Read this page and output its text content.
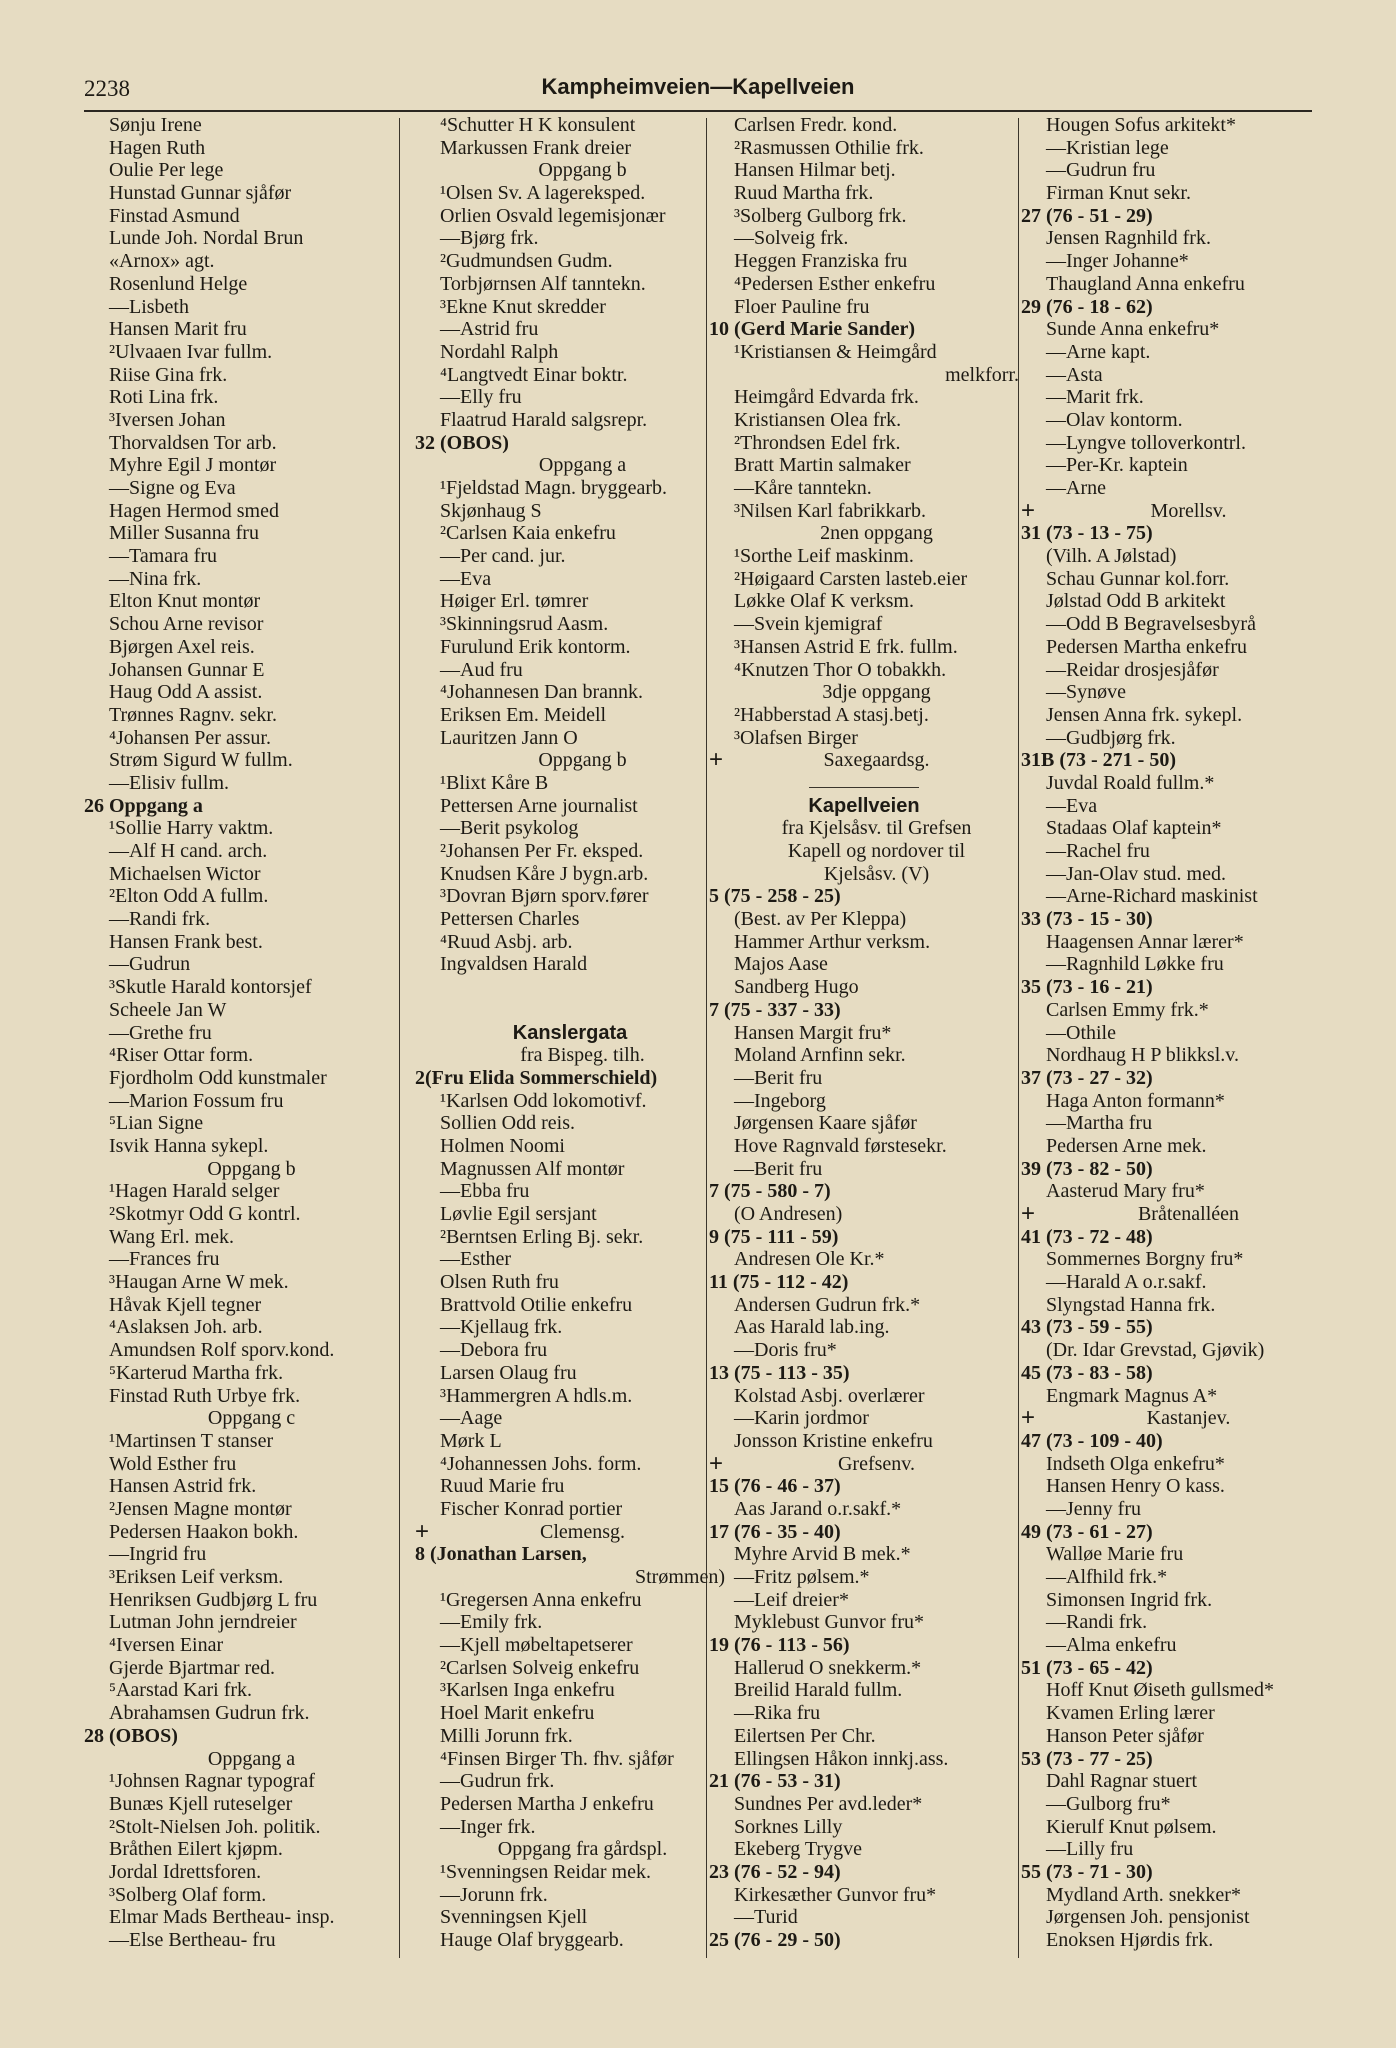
2238	Kampheimveien—Kapellveien
Sønju Irene
Hagen Ruth
Oulie Per lege
Hunstad Gunnar sjåfør
Finstad Asmund
Lunde Joh. Nordal Brun
«Arnox» agt.
Rosenlund Helge
—Lisbeth
Hansen Marit fru
²Ulvaaen Ivar fullm.
Riise Gina frk.
Roti Lina frk.
³Iversen Johan
Thorvaldsen Tor arb.
Myhre Egil J montør
—Signe og Eva
Hagen Hermod smed
Miller Susanna fru
—Tamara fru
—Nina frk.
Elton Knut montør
Schou Arne revisor
Bjørgen Axel reis.
Johansen Gunnar E
Haug Odd A assist.
Trønnes Ragnv. sekr.
⁴Johansen Per assur.
Strøm Sigurd W fullm.
—Elisiv fullm.
26 Oppgang a
¹Sollie Harry vaktm.
—Alf H cand. arch.
Michaelsen Wictor
²Elton Odd A fullm.
—Randi frk.
Hansen Frank best.
—Gudrun
³Skutle Harald kontorsjef
Scheele Jan W
—Grethe fru
⁴Riser Ottar form.
Fjordholm Odd kunstmaler
—Marion Fossum fru
⁵Lian Signe
Isvik Hanna sykepl.
Oppgang b
¹Hagen Harald selger
²Skotmyr Odd G kontrl.
Wang Erl. mek.
—Frances fru
³Haugan Arne W mek.
Håvak Kjell tegner
⁴Aslaksen Joh. arb.
Amundsen Rolf sporv.kond.
⁵Karterud Martha frk.
Finstad Ruth Urbye frk.
Oppgang c
¹Martinsen T stanser
Wold Esther fru
Hansen Astrid frk.
²Jensen Magne montør
Pedersen Haakon bokh.
—Ingrid fru
³Eriksen Leif verksm.
Henriksen Gudbjørg L fru
Lutman John jerndreier
⁴Iversen Einar
Gjerde Bjartmar red.
⁵Aarstad Kari frk.
Abrahamsen Gudrun frk.
28 (OBOS)
Oppgang a
¹Johnsen Ragnar typograf
Bunæs Kjell ruteselger
²Stolt-Nielsen Joh. politik.
Bråthen Eilert kjøpm.
Jordal Idrettsforen.
³Solberg Olaf form.
Elmar Mads Bertheau- insp.
—Else Bertheau- fru
⁴Schutter H K konsulent
Markussen Frank dreier
Oppgang b
¹Olsen Sv. A lagereksped.
Orlien Osvald legemisjonær
—Bjørg frk.
²Gudmundsen Gudm.
Torbjørnsen Alf tanntekn.
³Ekne Knut skredder
—Astrid fru
Nordahl Ralph
⁴Langtvedt Einar boktr.
—Elly fru
Flaatrud Harald salgsrepr.
32 (OBOS)
Oppgang a
¹Fjeldstad Magn. bryggearb.
Skjønhaug S
²Carlsen Kaia enkefru
—Per cand. jur.
—Eva
Høiger Erl. tømrer
³Skinningsrud Aasm.
Furulund Erik kontorm.
—Aud fru
⁴Johannesen Dan brannk.
Eriksen Em. Meidell
Lauritzen Jann O
Oppgang b
¹Blixt Kåre B
Pettersen Arne journalist
—Berit psykolog
²Johansen Per Fr. eksped.
Knudsen Kåre J bygn.arb.
³Dovran Bjørn sporv.fører
Pettersen Charles
⁴Ruud Asbj. arb.
Ingvaldsen Harald
Kanslergata
fra Bispeg. tilh.
2(Fru Elida Sommerschield)
¹Karlsen Odd lokomotivf.
Sollien Odd reis.
Holmen Noomi
Magnussen Alf montør
—Ebba fru
Løvlie Egil sersjant
²Berntsen Erling Bj. sekr.
—Esther
Olsen Ruth fru
Brattvold Otilie enkefru
—Kjellaug frk.
—Debora fru
Larsen Olaug fru
³Hammergren A hdls.m.
—Aage
Mørk L
⁴Johannessen Johs. form.
Ruud Marie fru
Fischer Konrad portier
+	Clemensg.
8 (Jonathan Larsen,
Strømmen)
¹Gregersen Anna enkefru
—Emily frk.
—Kjell møbeltapetserer
²Carlsen Solveig enkefru
³Karlsen Inga enkefru
Hoel Marit enkefru
Milli Jorunn frk.
⁴Finsen Birger Th. fhv. sjåfør
—Gudrun frk.
Pedersen Martha J enkefru
—Inger frk.
Oppgang fra gårdspl.
¹Svenningsen Reidar mek.
—Jorunn frk.
Svenningsen Kjell
Hauge Olaf bryggearb.
Carlsen Fredr. kond.
²Rasmussen Othilie frk.
Hansen Hilmar betj.
Ruud Martha frk.
³Solberg Gulborg frk.
—Solveig frk.
Heggen Franziska fru
⁴Pedersen Esther enkefru
Floer Pauline fru
10 (Gerd Marie Sander)
¹Kristiansen & Heimgård
melkforr.
Heimgård Edvarda frk.
Kristiansen Olea frk.
²Throndsen Edel frk.
Bratt Martin salmaker
—Kåre tanntekn.
³Nilsen Karl fabrikkarb.
2nen oppgang
¹Sorthe Leif maskinm.
²Høigaard Carsten lasteb.eier
Løkke Olaf K verksm.
—Svein kjemigraf
³Hansen Astrid E frk. fullm.
⁴Knutzen Thor O tobakkh.
3dje oppgang
²Habberstad A stasj.betj.
³Olafsen Birger
+	Saxegaardsg.
Kapellveien
fra Kjelsåsv. til Grefsen
Kapell og nordover til
Kjelsåsv. (V)
5 (75 - 258 - 25)
(Best. av Per Kleppa)
Hammer Arthur verksm.
Majos Aase
Sandberg Hugo
7 (75 - 337 - 33)
Hansen Margit fru*
Moland Arnfinn sekr.
—Berit fru
—Ingeborg
Jørgensen Kaare sjåfør
Hove Ragnvald førstesekr.
—Berit fru
7 (75 - 580 - 7)
(O Andresen)
9 (75 - 111 - 59)
Andresen Ole Kr.*
11 (75 - 112 - 42)
Andersen Gudrun frk.*
Aas Harald lab.ing.
—Doris fru*
13 (75 - 113 - 35)
Kolstad Asbj. overlærer
—Karin jordmor
Jonsson Kristine enkefru
+	Grefsenv.
15 (76 - 46 - 37)
Aas Jarand o.r.sakf.*
17 (76 - 35 - 40)
Myhre Arvid B mek.*
—Fritz pølsem.*
—Leif dreier*
Myklebust Gunvor fru*
19 (76 - 113 - 56)
Hallerud O snekkerm.*
Breilid Harald fullm.
—Rika fru
Eilertsen Per Chr.
Ellingsen Håkon innkj.ass.
21 (76 - 53 - 31)
Sundnes Per avd.leder*
Sorknes Lilly
Ekeberg Trygve
23 (76 - 52 - 94)
Kirkesæther Gunvor fru*
—Turid
25 (76 - 29 - 50)
Hougen Sofus arkitekt*
—Kristian lege
—Gudrun fru
Firman Knut sekr.
27 (76 - 51 - 29)
Jensen Ragnhild frk.
—Inger Johanne*
Thaugland Anna enkefru
29 (76 - 18 - 62)
Sunde Anna enkefru*
—Arne kapt.
—Asta
—Marit frk.
—Olav kontorm.
—Lyngve tolloverkontrl.
—Per-Kr. kaptein
—Arne
+	Morellsv.
31 (73 - 13 - 75)
(Vilh. A Jølstad)
Schau Gunnar kol.forr.
Jølstad Odd B arkitekt
—Odd B Begravelsesbyrå
Pedersen Martha enkefru
—Reidar drosjesjåfør
—Synøve
Jensen Anna frk. sykepl.
—Gudbjørg frk.
31B (73 - 271 - 50)
Juvdal Roald fullm.*
—Eva
Stadaas Olaf kaptein*
—Rachel fru
—Jan-Olav stud. med.
—Arne-Richard maskinist
33 (73 - 15 - 30)
Haagensen Annar lærer*
—Ragnhild Løkke fru
35 (73 - 16 - 21)
Carlsen Emmy frk.*
—Othile
Nordhaug H P blikksl.v.
37 (73 - 27 - 32)
Haga Anton formann*
—Martha fru
Pedersen Arne mek.
39 (73 - 82 - 50)
Aasterud Mary fru*
+	Bråtenalléen
41 (73 - 72 - 48)
Sommernes Borgny fru*
—Harald A o.r.sakf.
Slyngstad Hanna frk.
43 (73 - 59 - 55)
(Dr. Idar Grevstad, Gjøvik)
45 (73 - 83 - 58)
Engmark Magnus A*
+	Kastanjev.
47 (73 - 109 - 40)
Indseth Olga enkefru*
Hansen Henry O kass.
—Jenny fru
49 (73 - 61 - 27)
Walløe Marie fru
—Alfhild frk.*
Simonsen Ingrid frk.
—Randi frk.
—Alma enkefru
51 (73 - 65 - 42)
Hoff Knut Øiseth gullsmed*
Kvamen Erling lærer
Hanson Peter sjåfør
53 (73 - 77 - 25)
Dahl Ragnar stuert
—Gulborg fru*
Kierulf Knut pølsem.
—Lilly fru
55 (73 - 71 - 30)
Mydland Arth. snekker*
Jørgensen Joh. pensjonist
Enoksen Hjørdis frk.
